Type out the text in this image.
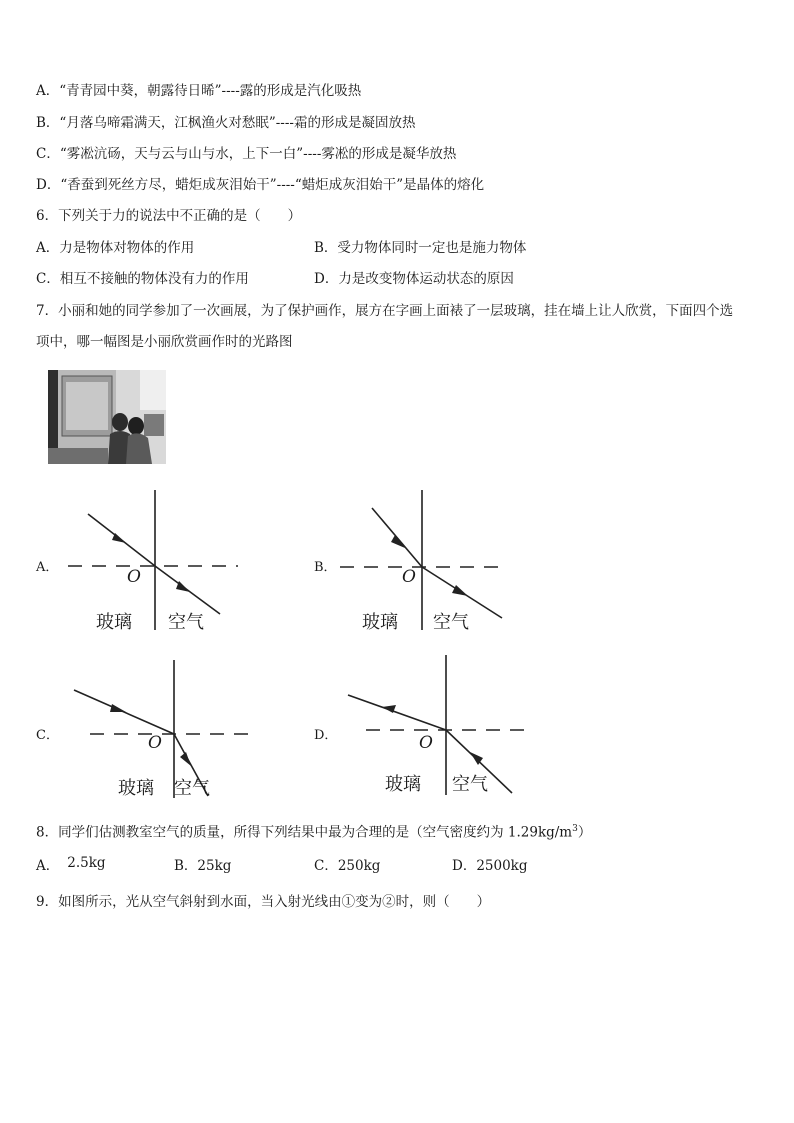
A．“青青园中葵，朝露待日晞”----露的形成是汽化吸热
B．“月落乌啼霜满天，江枫渔火对愁眠”----霜的形成是凝固放热
C．“雾凇沆砀，天与云与山与水，上下一白”----雾凇的形成是凝华放热
D．“香蚕到死丝方尽，蜡炬成灰泪始干”----“蜡炬成灰泪始干”是晶体的熔化
6．下列关于力的说法中不正确的是（　　）
A．力是物体对物体的作用	B．受力物体同时一定也是施力物体
C．相互不接触的物体没有力的作用	D．力是改变物体运动状态的原因
7．小丽和她的同学参加了一次画展，为了保护画作，展方在字画上面裱了一层玻璃，挂在墙上让人欣赏，下面四个选
项中，哪一幅图是小丽欣赏画作时的光路图
A．	O
玻璃 空气
B．	O
玻璃 空气
C．	O
玻璃 空气
D．	O
玻璃 空气
8．同学们估测教室空气的质量，所得下列结果中最为合理的是（空气密度约为 $1.29kg/m^3$）
A． 2.5kg	B．25kg	C．250kg	D．2500kg
9．如图所示，光从空气斜射到水面，当入射光线由①变为②时，则（　　）
